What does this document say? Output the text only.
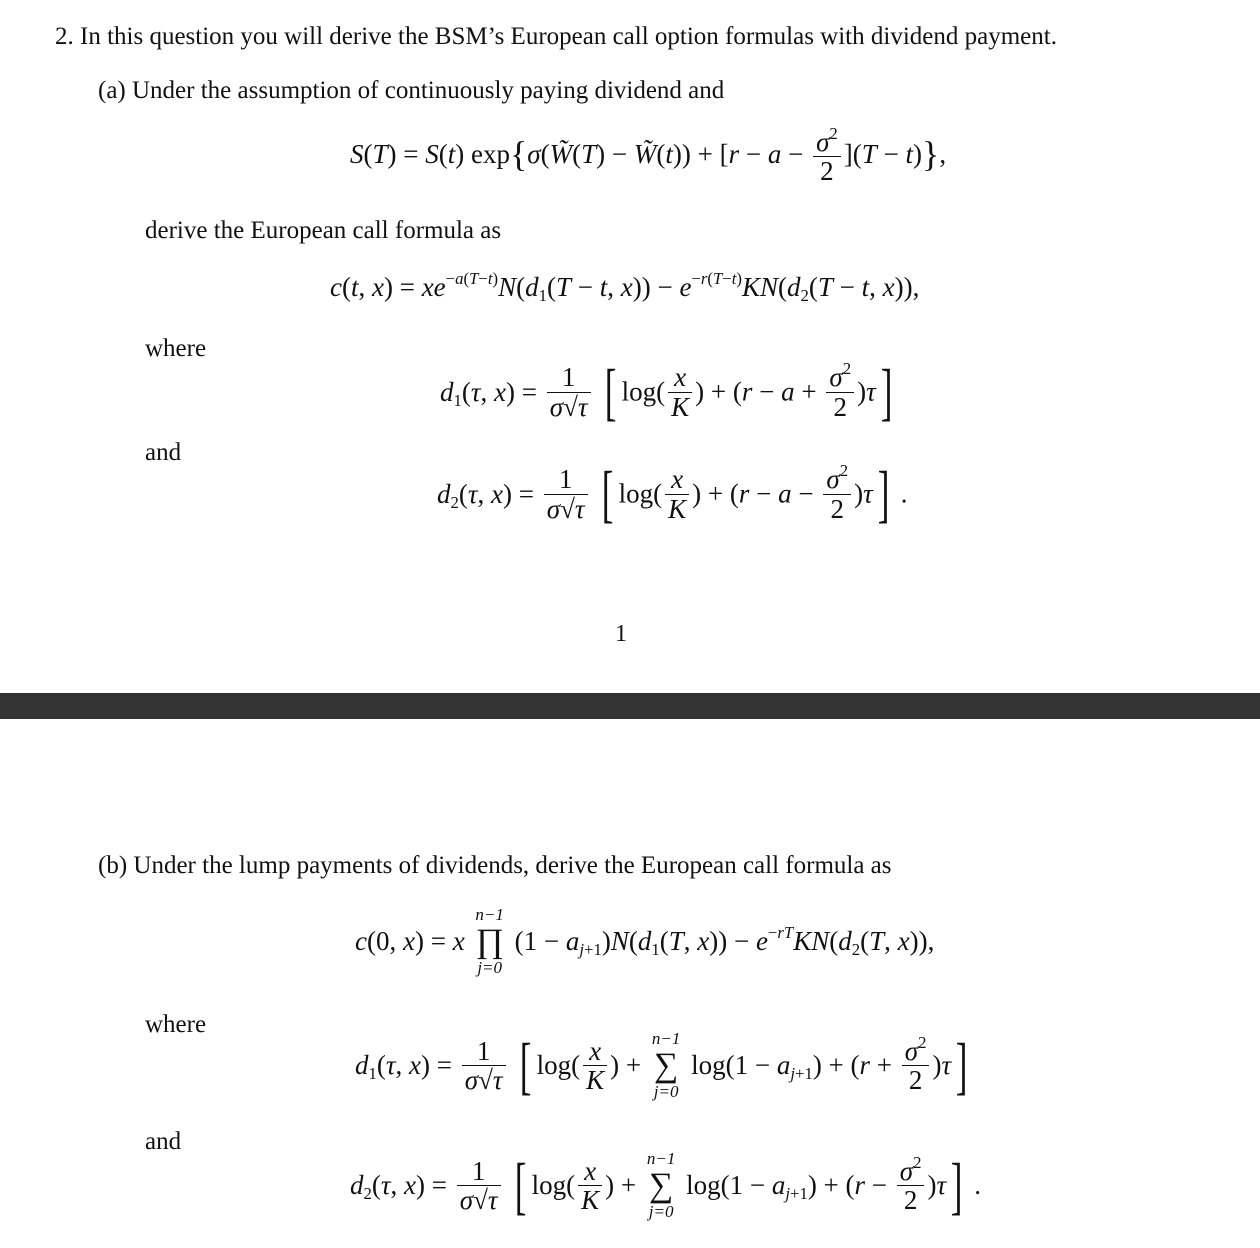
2. In this question you will derive the BSM’s European call option formulas with dividend payment.
(a) Under the assumption of continuously paying dividend and
S(T) = S(t) exp{σ(W̃(T) − W̃(t)) + $[r - a - \frac{\sigma^2}{2} ](T - t)$},
derive the European call formula as
c(t, $x) = xe^{-a(T-t)}N(d_1(T - t$, $x)) - e^{-r(T-t)}KN(d_2(T - t$, x)),
where
$d_1(\tau$, $x) = \frac{1}{\sigma√\tau}$ [ $\log( \frac{x}{K}$ ) + $(r - a + \frac{\sigma^2}{2} )\tau$]
and
$d_2(\tau$, $x) = \frac{1}{\sigma√\tau}$ [ $\log( \frac{x}{K}$ ) + $(r - a - \frac{\sigma^2}{2} )\tau$] .
1
(b) Under the lump payments of dividends, derive the European call formula as
c(0, x) = x
n−1
∏
j=0
$(1 - a_{j+1})N(d_1(T$, $x)) - e^{-rT}KN(d_2(T$, x)),
where
$d_1(\tau$, $x) = \frac{1}{\sigma√\tau}$ [ $\log( \frac{x}{K}$ ) +
n−1
∑
j=0
$\log(1 - a_{j+1}) + (r + \frac{\sigma^2}{2} )\tau$]
and
$d_2(\tau$, $x) = \frac{1}{\sigma√\tau}$ [ $\log( \frac{x}{K}$ ) +
n−1
∑
j=0
$\log(1 - a_{j+1}) + (r - \frac{\sigma^2}{2} )\tau$] .
